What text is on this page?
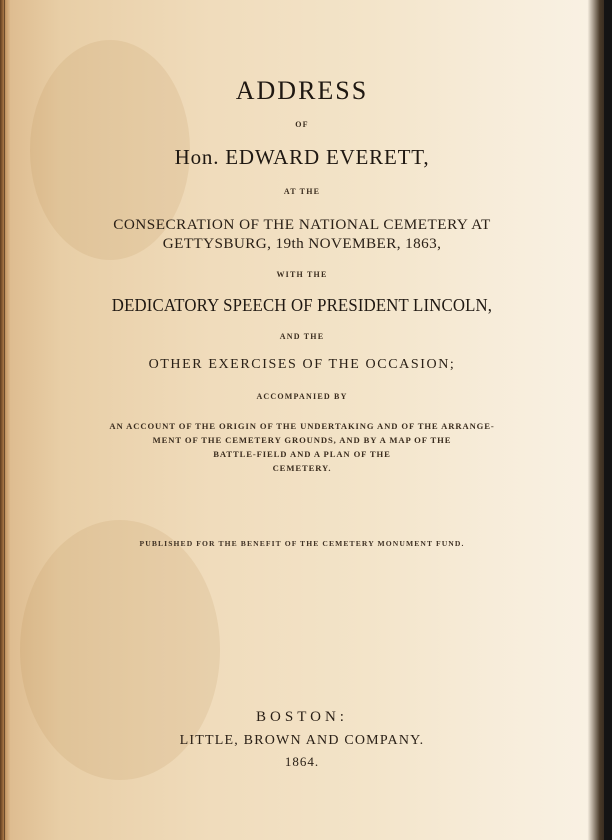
ADDRESS
OF
Hon. EDWARD EVERETT,
AT THE
CONSECRATION OF THE NATIONAL CEMETERY AT
GETTYSBURG, 19th NOVEMBER, 1863,
WITH THE
DEDICATORY SPEECH OF PRESIDENT LINCOLN,
AND THE
OTHER EXERCISES OF THE OCCASION;
ACCOMPANIED BY
AN ACCOUNT OF THE ORIGIN OF THE UNDERTAKING AND OF THE ARRANGE-
MENT OF THE CEMETERY GROUNDS, AND BY A MAP OF THE
BATTLE-FIELD AND A PLAN OF THE
CEMETERY.
PUBLISHED FOR THE BENEFIT OF THE CEMETERY MONUMENT FUND.
BOSTON:
LITTLE, BROWN AND COMPANY.
1864.
